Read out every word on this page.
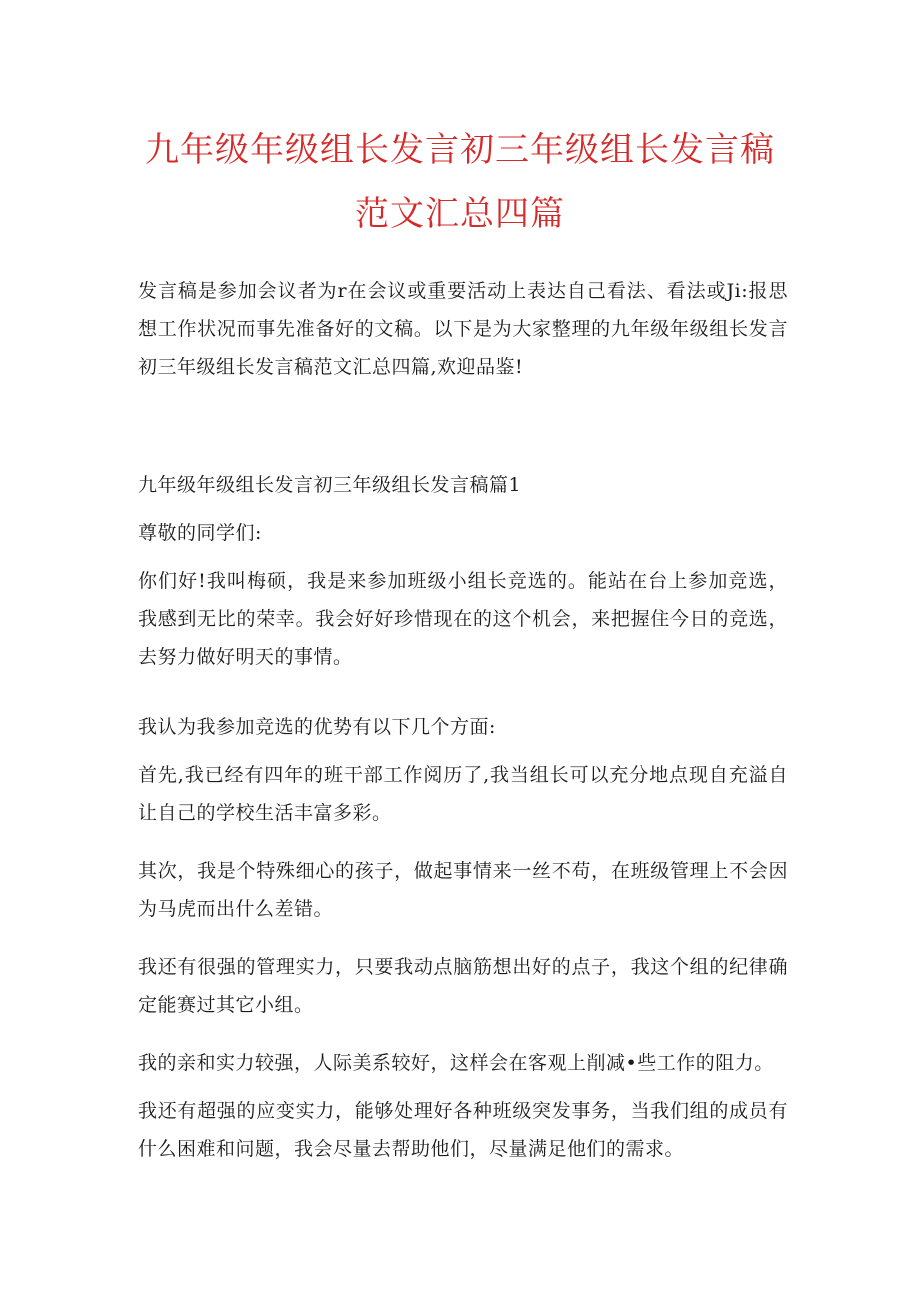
九年级年级组长发言初三年级组长发言稿
范文汇总四篇

发言稿是参加会议者为r在会议或重要活动上表达自己看法、看法或Ji:报思想工作状况而事先准备好的文稿。以下是为大家整理的九年级年级组长发言初三年级组长发言稿范文汇总四篇,欢迎品鉴!

九年级年级组长发言初三年级组长发言稿篇1

尊敬的同学们:

你们好!我叫梅硕，我是来参加班级小组长竞选的。能站在台上参加竞选，我感到无比的荣幸。我会好好珍惜现在的这个机会，来把握住今日的竞选，去努力做好明天的事情。

我认为我参加竞选的优势有以下几个方面:

首先,我已经有四年的班干部工作阅历了,我当组长可以充分地点现自充溢自让自己的学校生活丰富多彩。

其次，我是个特殊细心的孩子，做起事情来一丝不苟，在班级管理上不会因为马虎而出什么差错。

我还有很强的管理实力，只要我动点脑筋想出好的点子，我这个组的纪律确定能赛过其它小组。

我的亲和实力较强，人际美系较好，这样会在客观上削减•些工作的阻力。

我还有超强的应变实力，能够处理好各种班级突发事务，当我们组的成员有什么困难和问题，我会尽量去帮助他们，尽量满足他们的需求。
